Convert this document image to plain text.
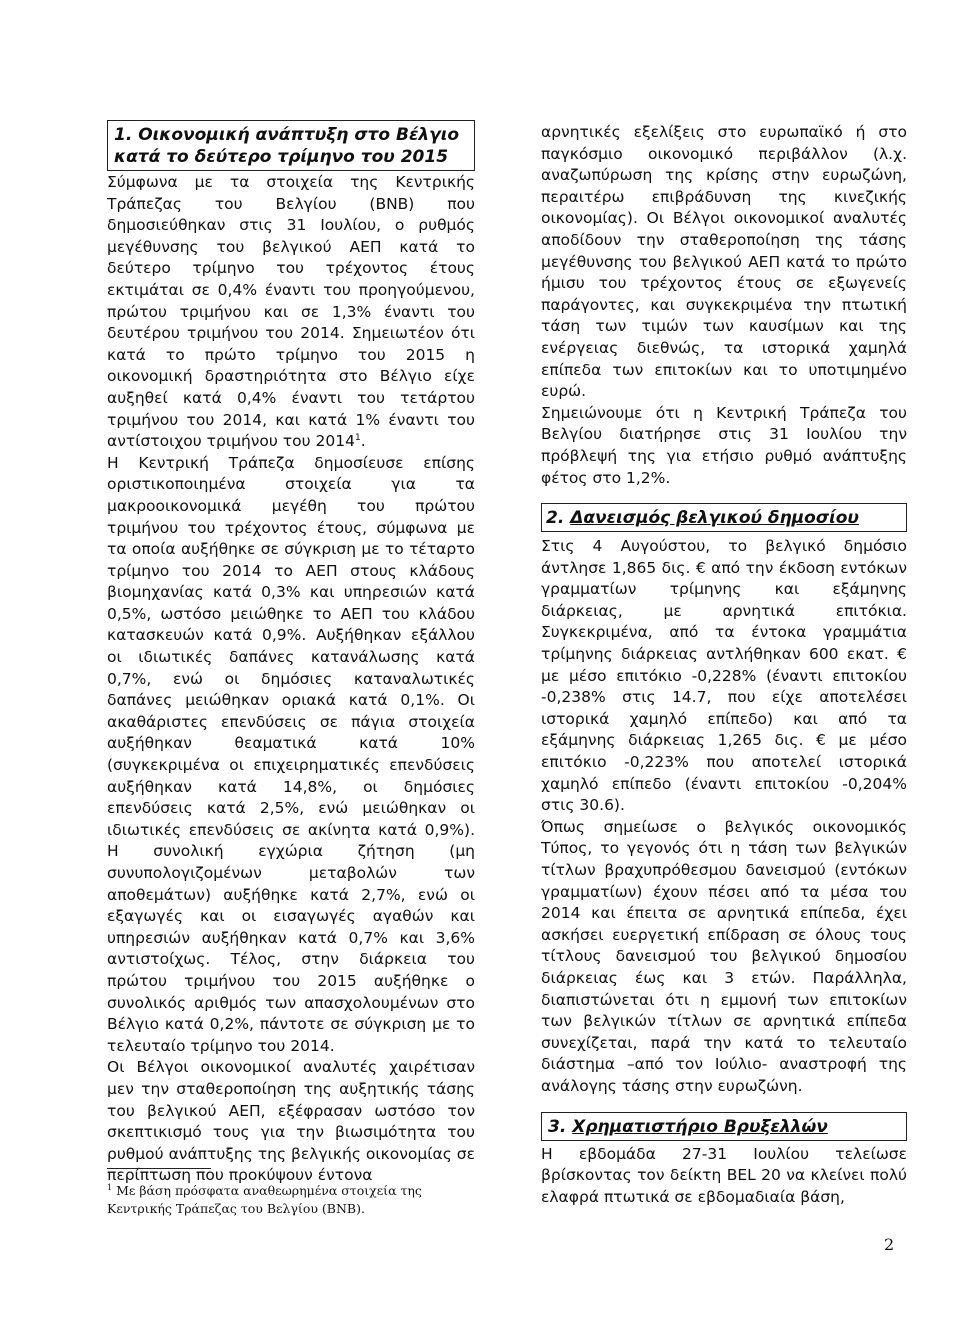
1. Οικονομική ανάπτυξη στο Βέλγιο κατά το δεύτερο τρίμηνο του 2015

Σύμφωνα με τα στοιχεία της Κεντρικής Τράπεζας του Βελγίου (BNB) που δημοσιεύθηκαν στις 31 Ιουλίου, ο ρυθμός μεγέθυνσης του βελγικού ΑΕΠ κατά το δεύτερο τρίμηνο του τρέχοντος έτους εκτιμάται σε 0,4% έναντι του προηγούμενου, πρώτου τριμήνου και σε 1,3% έναντι του δευτέρου τριμήνου του 2014. Σημειωτέον ότι κατά το πρώτο τρίμηνο του 2015 η οικονομική δραστηριότητα στο Βέλγιο είχε αυξηθεί κατά 0,4% έναντι του τετάρτου τριμήνου του 2014, και κατά 1% έναντι του αντίστοιχου τριμήνου του 2014$^1$.

Η Κεντρική Τράπεζα δημοσίευσε επίσης οριστικοποιημένα στοιχεία για τα μακροοικονομικά μεγέθη του πρώτου τριμήνου του τρέχοντος έτους, σύμφωνα με τα οποία αυξήθηκε σε σύγκριση με το τέταρτο τρίμηνο του 2014 το ΑΕΠ στους κλάδους βιομηχανίας κατά 0,3% και υπηρεσιών κατά 0,5%, ωστόσο μειώθηκε το ΑΕΠ του κλάδου κατασκευών κατά 0,9%. Αυξήθηκαν εξάλλου οι ιδιωτικές δαπάνες κατανάλωσης κατά 0,7%, ενώ οι δημόσιες καταναλωτικές δαπάνες μειώθηκαν οριακά κατά 0,1%. Οι ακαθάριστες επενδύσεις σε πάγια στοιχεία αυξήθηκαν θεαματικά κατά 10% (συγκεκριμένα οι επιχειρηματικές επενδύσεις αυξήθηκαν κατά 14,8%, οι δημόσιες επενδύσεις κατά 2,5%, ενώ μειώθηκαν οι ιδιωτικές επενδύσεις σε ακίνητα κατά 0,9%). Η συνολική εγχώρια ζήτηση (μη συνυπολογιζομένων μεταβολών των αποθεμάτων) αυξήθηκε κατά 2,7%, ενώ οι εξαγωγές και οι εισαγωγές αγαθών και υπηρεσιών αυξήθηκαν κατά 0,7% και 3,6% αντιστοίχως. Τέλος, στην διάρκεια του πρώτου τριμήνου του 2015 αυξήθηκε ο συνολικός αριθμός των απασχολουμένων στο Βέλγιο κατά 0,2%, πάντοτε σε σύγκριση με το τελευταίο τρίμηνο του 2014.

Οι Βέλγοι οικονομικοί αναλυτές χαιρέτισαν μεν την σταθεροποίηση της αυξητικής τάσης του βελγικού ΑΕΠ, εξέφρασαν ωστόσο τον σκεπτικισμό τους για την βιωσιμότητα του ρυθμού ανάπτυξης της βελγικής οικονομίας σε περίπτωση που προκύψουν έντονα

$^1$ Με βάση πρόσφατα αναθεωρημένα στοιχεία της Κεντρικής Τράπεζας του Βελγίου (BNB).

αρνητικές εξελίξεις στο ευρωπαϊκό ή στο παγκόσμιο οικονομικό περιβάλλον (λ.χ. αναζωπύρωση της κρίσης στην ευρωζώνη, περαιτέρω επιβράδυνση της κινεζικής οικονομίας). Οι Βέλγοι οικονομικοί αναλυτές αποδίδουν την σταθεροποίηση της τάσης μεγέθυνσης του βελγικού ΑΕΠ κατά το πρώτο ήμισυ του τρέχοντος έτους σε εξωγενείς παράγοντες, και συγκεκριμένα την πτωτική τάση των τιμών των καυσίμων και της ενέργειας διεθνώς, τα ιστορικά χαμηλά επίπεδα των επιτοκίων και το υποτιμημένο ευρώ.

Σημειώνουμε ότι η Κεντρική Τράπεζα του Βελγίου διατήρησε στις 31 Ιουλίου την πρόβλεψή της για ετήσιο ρυθμό ανάπτυξης φέτος στο 1,2%.

2. Δανεισμός βελγικού δημοσίου

Στις 4 Αυγούστου, το βελγικό δημόσιο άντλησε 1,865 δις. € από την έκδοση εντόκων γραμματίων τρίμηνης και εξάμηνης διάρκειας, με αρνητικά επιτόκια. Συγκεκριμένα, από τα έντοκα γραμμάτια τρίμηνης διάρκειας αντλήθηκαν 600 εκατ. € με μέσο επιτόκιο -0,228% (έναντι επιτοκίου -0,238% στις 14.7, που είχε αποτελέσει ιστορικά χαμηλό επίπεδο) και από τα εξάμηνης διάρκειας 1,265 δις. € με μέσο επιτόκιο -0,223% που αποτελεί ιστορικά χαμηλό επίπεδο (έναντι επιτοκίου -0,204% στις 30.6).

Όπως σημείωσε ο βελγικός οικονομικός Τύπος, το γεγονός ότι η τάση των βελγικών τίτλων βραχυπρόθεσμου δανεισμού (εντόκων γραμματίων) έχουν πέσει από τα μέσα του 2014 και έπειτα σε αρνητικά επίπεδα, έχει ασκήσει ευεργετική επίδραση σε όλους τους τίτλους δανεισμού του βελγικού δημοσίου διάρκειας έως και 3 ετών. Παράλληλα, διαπιστώνεται ότι η εμμονή των επιτοκίων των βελγικών τίτλων σε αρνητικά επίπεδα συνεχίζεται, παρά την κατά το τελευταίο διάστημα –από τον Ιούλιο- αναστροφή της ανάλογης τάσης στην ευρωζώνη.

3. Χρηματιστήριο Βρυξελλών

Η εβδομάδα 27-31 Ιουλίου τελείωσε βρίσκοντας τον δείκτη BEL 20 να κλείνει πολύ ελαφρά πτωτικά σε εβδομαδιαία βάση,

2
